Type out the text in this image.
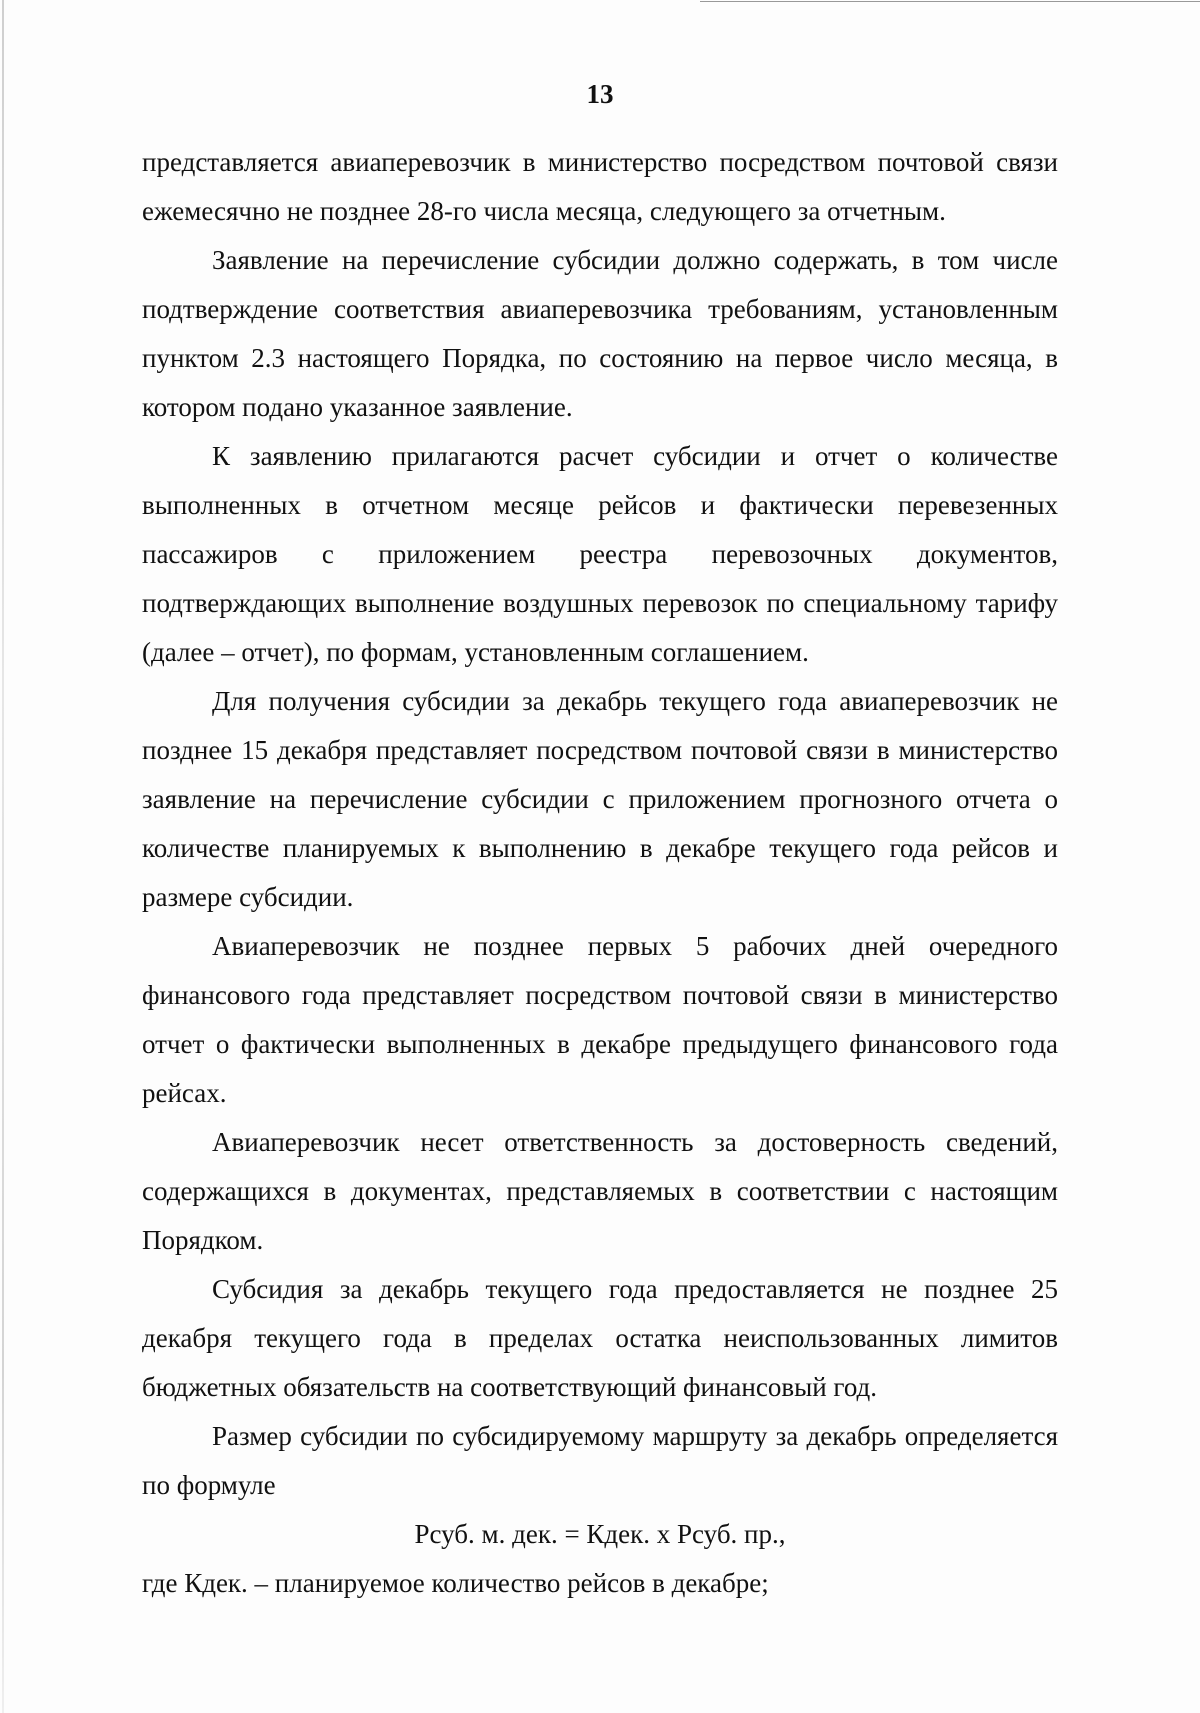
13

представляется авиаперевозчик в министерство посредством почтовой связи ежемесячно не позднее 28-го числа месяца, следующего за отчетным.

Заявление на перечисление субсидии должно содержать, в том числе подтверждение соответствия авиаперевозчика требованиям, установленным пунктом 2.3 настоящего Порядка, по состоянию на первое число месяца, в котором подано указанное заявление.

К заявлению прилагаются расчет субсидии и отчет о количестве выполненных в отчетном месяце рейсов и фактически перевезенных пассажиров с приложением реестра перевозочных документов, подтверждающих выполнение воздушных перевозок по специальному тарифу (далее – отчет), по формам, установленным соглашением.

Для получения субсидии за декабрь текущего года авиаперевозчик не позднее 15 декабря представляет посредством почтовой связи в министерство заявление на перечисление субсидии с приложением прогнозного отчета о количестве планируемых к выполнению в декабре текущего года рейсов и размере субсидии.

Авиаперевозчик не позднее первых 5 рабочих дней очередного финансового года представляет посредством почтовой связи в министерство отчет о фактически выполненных в декабре предыдущего финансового года рейсах.

Авиаперевозчик несет ответственность за достоверность сведений, содержащихся в документах, представляемых в соответствии с настоящим Порядком.

Субсидия за декабрь текущего года предоставляется не позднее 25 декабря текущего года в пределах остатка неиспользованных лимитов бюджетных обязательств на соответствующий финансовый год.

Размер субсидии по субсидируемому маршруту за декабрь определяется по формуле

Рсуб. м. дек. = Кдек. х Рсуб. пр.,

где Кдек. – планируемое количество рейсов в декабре;
